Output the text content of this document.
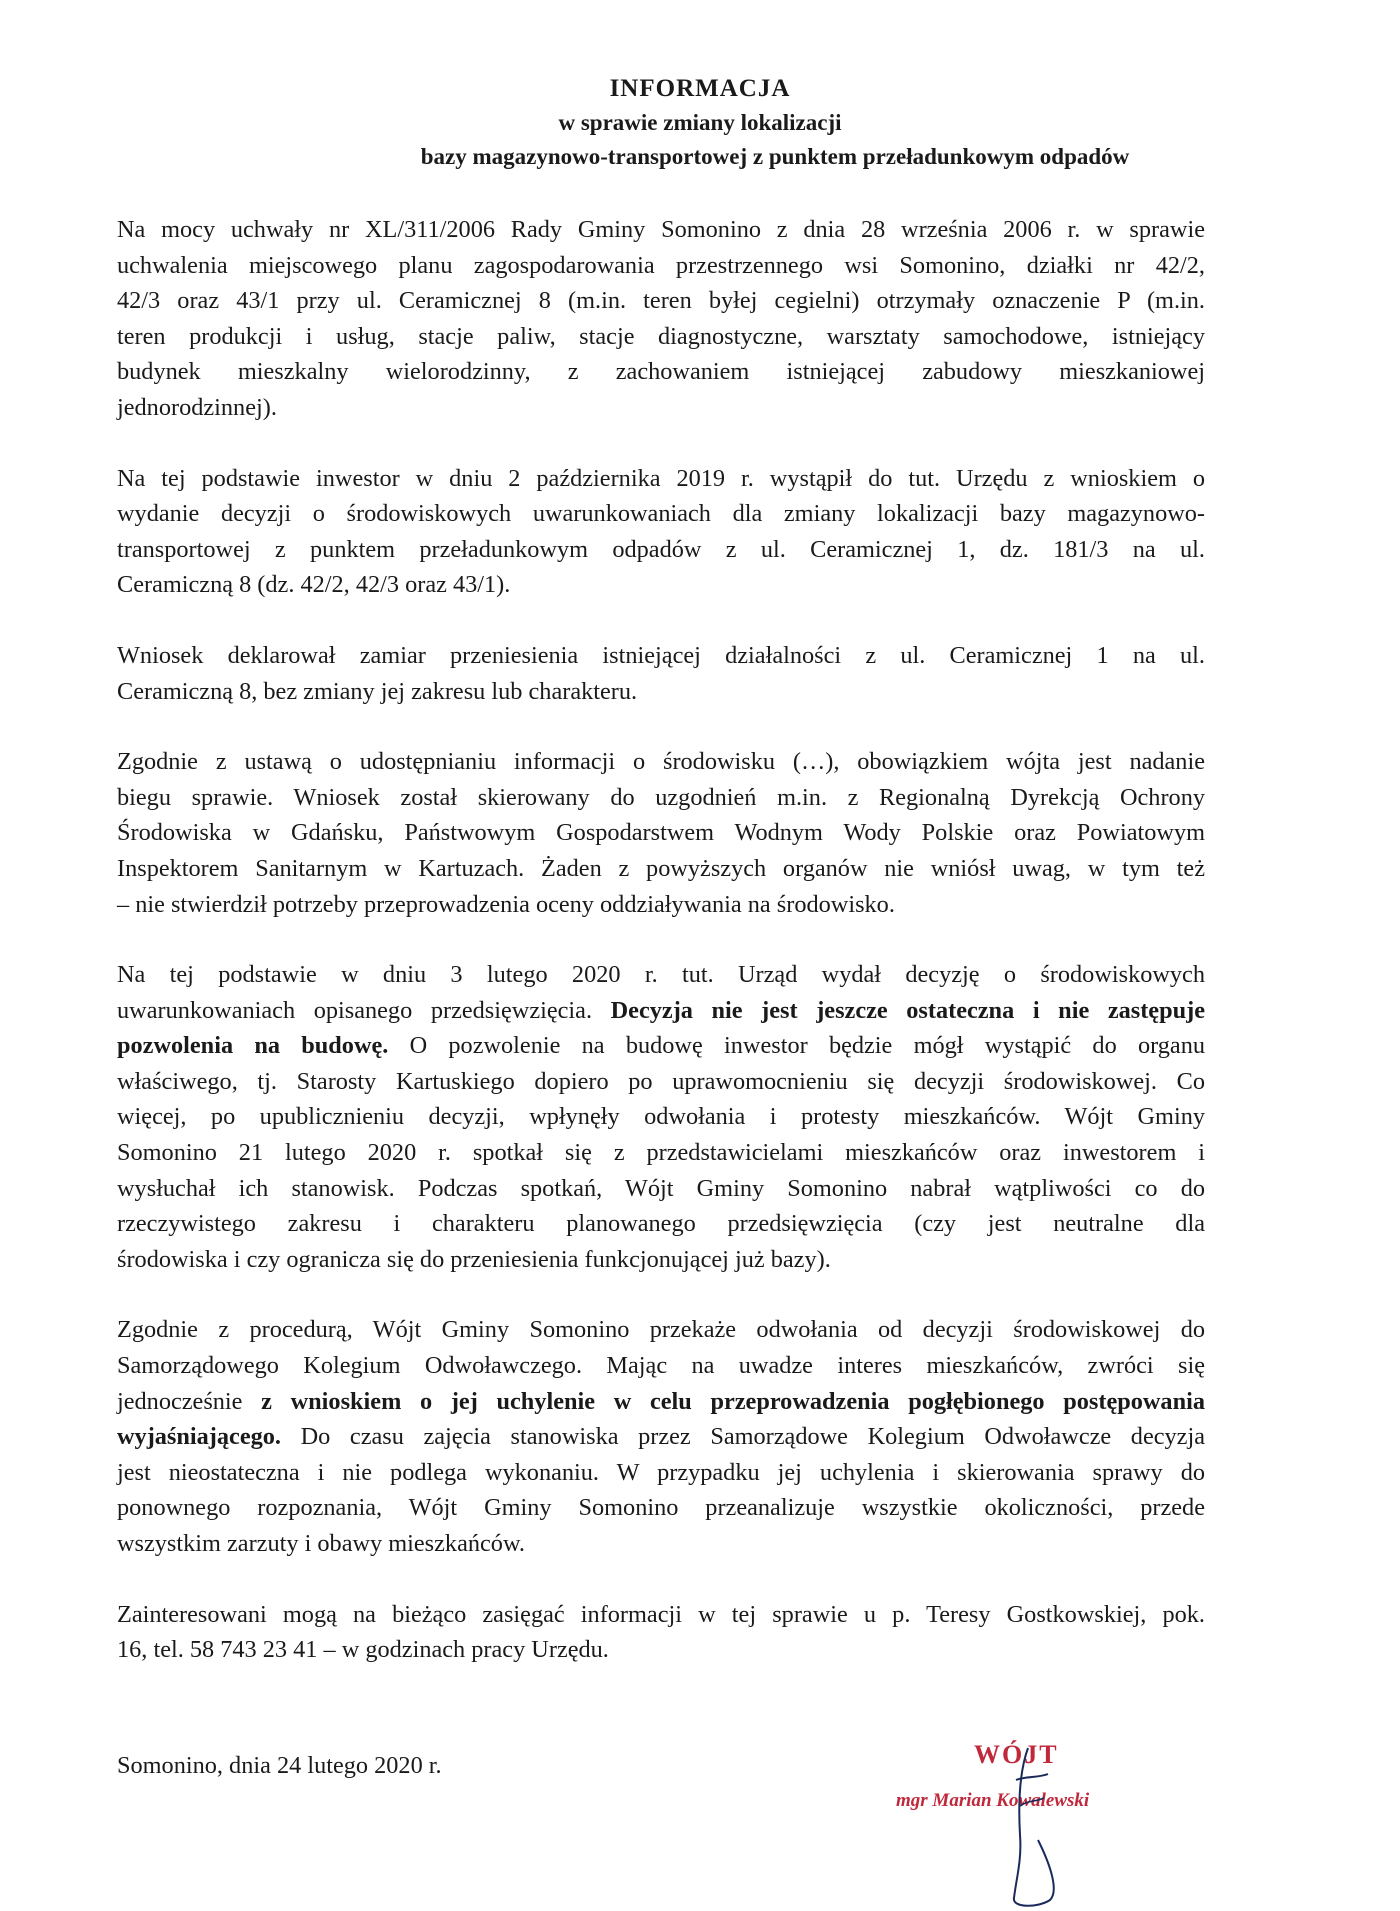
INFORMACJA
w sprawie zmiany lokalizacji
bazy magazynowo-transportowej z punktem przeładunkowym odpadów
Na mocy uchwały nr XL/311/2006 Rady Gminy Somonino z dnia 28 września 2006 r. w sprawie
uchwalenia miejscowego planu zagospodarowania przestrzennego wsi Somonino, działki nr 42/2,
42/3 oraz 43/1 przy ul. Ceramicznej 8 (m.in. teren byłej cegielni) otrzymały oznaczenie P (m.in.
teren produkcji i usług, stacje paliw, stacje diagnostyczne, warsztaty samochodowe, istniejący
budynek mieszkalny wielorodzinny, z zachowaniem istniejącej zabudowy mieszkaniowej
jednorodzinnej).
Na tej podstawie inwestor w dniu 2 października 2019 r. wystąpił do tut. Urzędu z wnioskiem o
wydanie decyzji o środowiskowych uwarunkowaniach dla zmiany lokalizacji bazy magazynowo-
transportowej z punktem przeładunkowym odpadów z ul. Ceramicznej 1, dz. 181/3 na ul.
Ceramiczną 8 (dz. 42/2, 42/3 oraz 43/1).
Wniosek deklarował zamiar przeniesienia istniejącej działalności z ul. Ceramicznej 1 na ul.
Ceramiczną 8, bez zmiany jej zakresu lub charakteru.
Zgodnie z ustawą o udostępnianiu informacji o środowisku (…), obowiązkiem wójta jest nadanie
biegu sprawie. Wniosek został skierowany do uzgodnień m.in. z Regionalną Dyrekcją Ochrony
Środowiska w Gdańsku, Państwowym Gospodarstwem Wodnym Wody Polskie oraz Powiatowym
Inspektorem Sanitarnym w Kartuzach. Żaden z powyższych organów nie wniósł uwag, w tym też
– nie stwierdził potrzeby przeprowadzenia oceny oddziaływania na środowisko.
Na tej podstawie w dniu 3 lutego 2020 r. tut. Urząd wydał decyzję o środowiskowych
uwarunkowaniach opisanego przedsięwzięcia. Decyzja nie jest jeszcze ostateczna i nie zastępuje
pozwolenia na budowę. O pozwolenie na budowę inwestor będzie mógł wystąpić do organu
właściwego, tj. Starosty Kartuskiego dopiero po uprawomocnieniu się decyzji środowiskowej. Co
więcej, po upublicznieniu decyzji, wpłynęły odwołania i protesty mieszkańców. Wójt Gminy
Somonino 21 lutego 2020 r. spotkał się z przedstawicielami mieszkańców oraz inwestorem i
wysłuchał ich stanowisk. Podczas spotkań, Wójt Gminy Somonino nabrał wątpliwości co do
rzeczywistego zakresu i charakteru planowanego przedsięwzięcia (czy jest neutralne dla
środowiska i czy ogranicza się do przeniesienia funkcjonującej już bazy).
Zgodnie z procedurą, Wójt Gminy Somonino przekaże odwołania od decyzji środowiskowej do
Samorządowego Kolegium Odwoławczego. Mając na uwadze interes mieszkańców, zwróci się
jednocześnie z wnioskiem o jej uchylenie w celu przeprowadzenia pogłębionego postępowania
wyjaśniającego. Do czasu zajęcia stanowiska przez Samorządowe Kolegium Odwoławcze decyzja
jest nieostateczna i nie podlega wykonaniu. W przypadku jej uchylenia i skierowania sprawy do
ponownego rozpoznania, Wójt Gminy Somonino przeanalizuje wszystkie okoliczności, przede
wszystkim zarzuty i obawy mieszkańców.
Zainteresowani mogą na bieżąco zasięgać informacji w tej sprawie u p. Teresy Gostkowskiej, pok.
16, tel. 58 743 23 41 – w godzinach pracy Urzędu.
Somonino, dnia 24 lutego 2020 r.	WÓJT
mgr Marian Kowalewski
